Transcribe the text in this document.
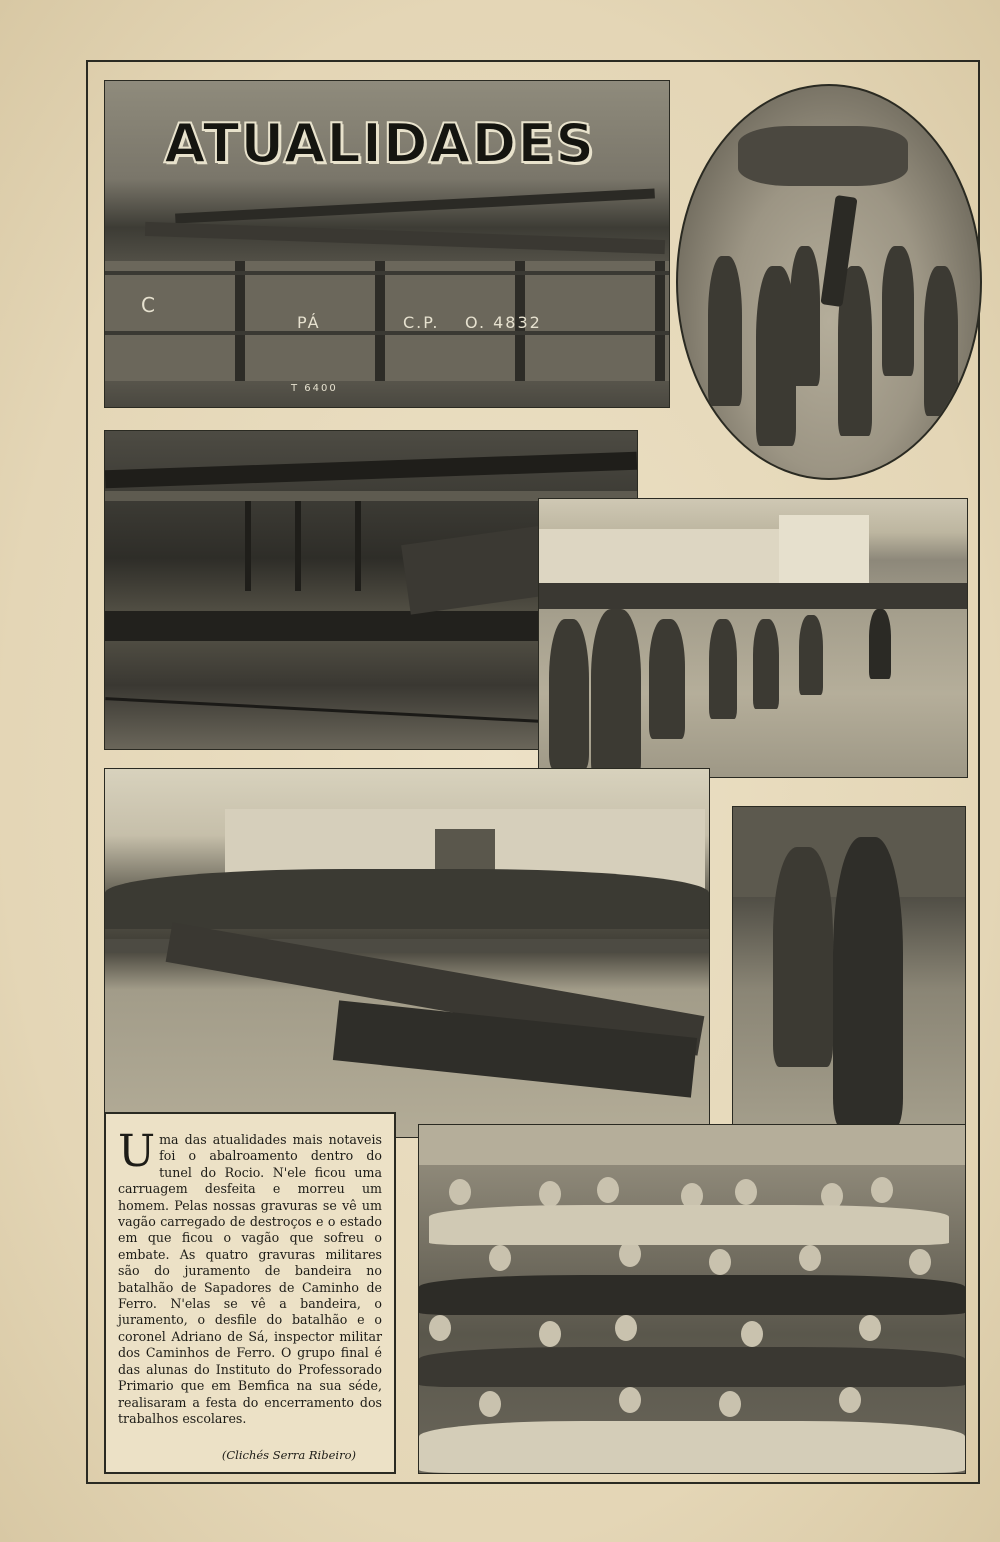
C.P. O. 4832
C
PÁ
T 6400
ATUALIDADES

Uma das atualidades mais notaveis foi o abalroamento dentro do tunel do Rocio. N'ele ficou uma carruagem desfeita e morreu um homem. Pelas nossas gravuras se vê um vagão carregado de destroços e o estado em que ficou o vagão que sofreu o embate. As quatro gravuras militares são do juramento de bandeira no batalhão de Sapadores de Caminho de Ferro. N'elas se vê a bandeira, o juramento, o desfile do batalhão e o coronel Adriano de Sá, inspector militar dos Caminhos de Ferro. O grupo final é das alunas do Instituto do Professorado Primario que em Bemfica na sua séde, realisaram a festa do encerramento dos trabalhos escolares.

(Clichés Serra Ribeiro)
